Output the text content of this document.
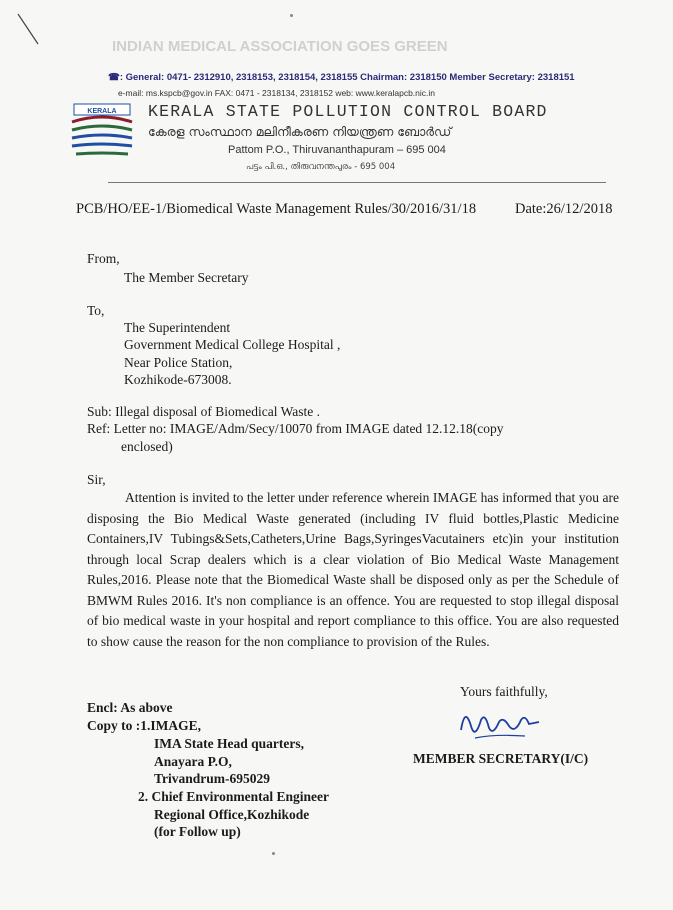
INDIAN MEDICAL ASSOCIATION GOES GREEN
☎: General: 0471- 2312910, 2318153, 2318154, 2318155 Chairman: 2318150 Member Secretary: 2318151
e-mail: ms.kspcb@gov.in FAX: 0471 - 2318134, 2318152 web: www.keralapcb.nic.in
KERALA KERALA STATE POLLUTION CONTROL BOARD
കേരള സംസ്ഥാന മലിനീകരണ നിയന്ത്രണ ബോർഡ്
Pattom P.O., Thiruvananthapuram – 695 004
പട്ടം പി.ഒ., തിരുവനന്തപുരം - 695 004
PCB/HO/EE-1/Biomedical Waste Management Rules/30/2016/31/18	Date:26/12/2018
From,
The Member Secretary
To,
The Superintendent
Government Medical College Hospital ,
Near Police Station,
Kozhikode-673008.
Sub: Illegal disposal of Biomedical Waste .
Ref: Letter no: IMAGE/Adm/Secy/10070 from IMAGE dated 12.12.18(copy
enclosed)
Sir,

Attention is invited to the letter under reference wherein IMAGE has informed that you are disposing the Bio Medical Waste generated (including IV fluid bottles,Plastic Medicine Containers,IV Tubings&Sets,Catheters,Urine Bags,SyringesVacutainers etc)in your institution through local Scrap dealers which is a clear violation of Bio Medical Waste Management Rules,2016. Please note that the Biomedical Waste shall be disposed only as per the Schedule of BMWM Rules 2016. It's non compliance is an offence. You are requested to stop illegal disposal of bio medical waste in your hospital and report compliance to this office. You are also requested to show cause the reason for the non compliance to provision of the Rules.

Yours faithfully,
MEMBER SECRETARY(I/C)
Encl: As above
Copy to :1.IMAGE,
IMA State Head quarters,
Anayara P.O,
Trivandrum-695029
2. Chief Environmental Engineer
Regional Office,Kozhikode
(for Follow up)
